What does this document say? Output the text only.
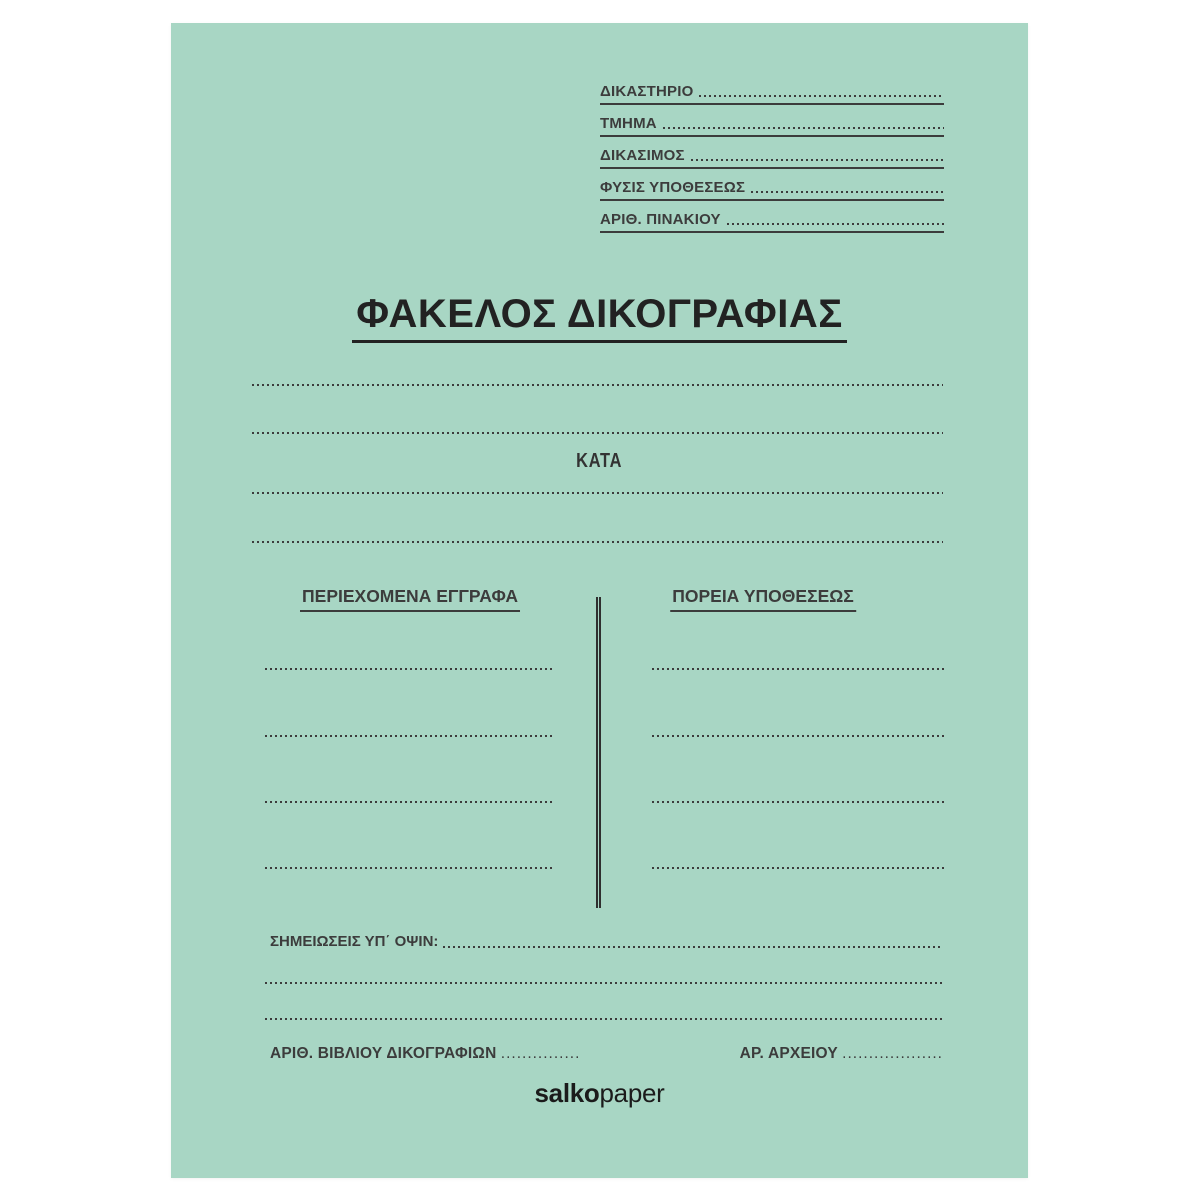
ΔΙΚΑΣΤΗΡΙΟ
ΤΜΗΜΑ
ΔΙΚΑΣΙΜΟΣ
ΦΥΣΙΣ ΥΠΟΘΕΣΕΩΣ
ΑΡΙΘ. ΠΙΝΑΚΙΟΥ
ΦΑΚΕΛΟΣ ΔΙΚΟΓΡΑΦΙΑΣ
ΚΑΤΑ
ΠΕΡΙΕΧΟΜΕΝΑ ΕΓΓΡΑΦΑ	ΠΟΡΕΙΑ ΥΠΟΘΕΣΕΩΣ
ΣΗΜΕΙΩΣΕΙΣ ΥΠ΄ ΟΨΙΝ:
ΑΡΙΘ. ΒΙΒΛΙΟΥ ΔΙΚΟΓΡΑΦΙΩΝ ...............	ΑΡ. ΑΡΧΕΙΟΥ ...................
salkopaper
